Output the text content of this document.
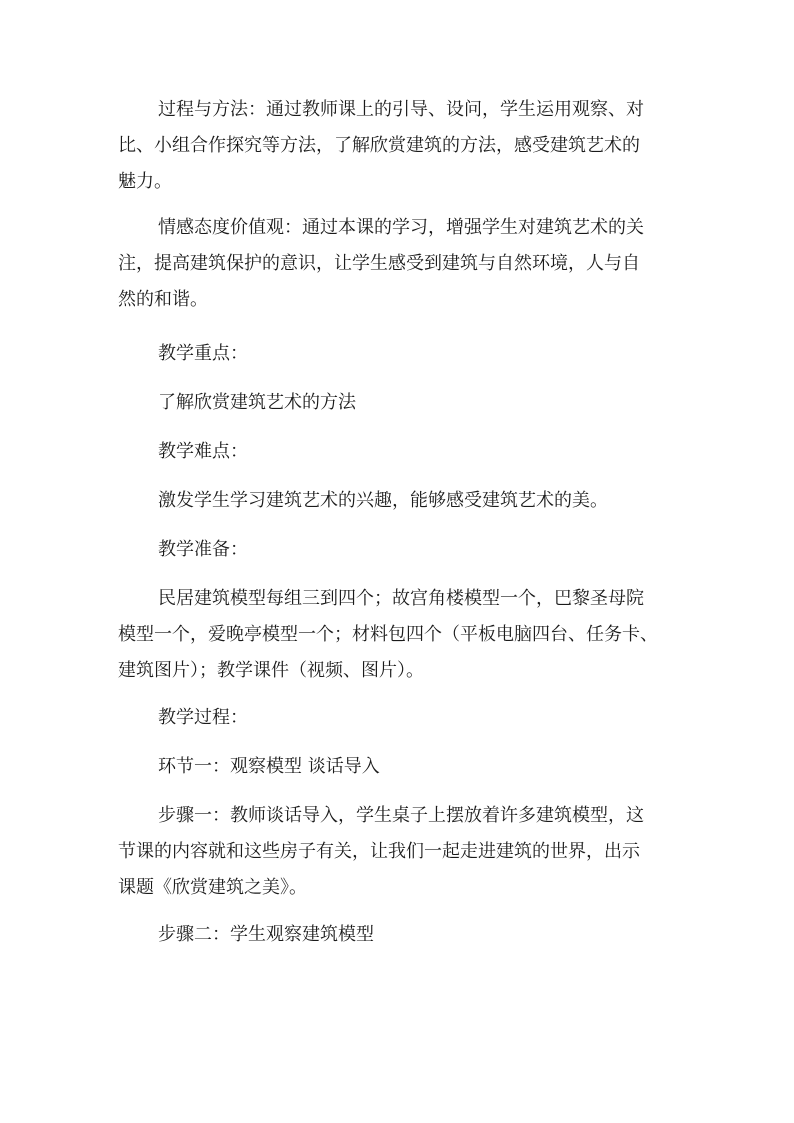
过程与方法：通过教师课上的引导、设问，学生运用观察、对
比、小组合作探究等方法，了解欣赏建筑的方法，感受建筑艺术的
魅力。

情感态度价值观：通过本课的学习，增强学生对建筑艺术的关
注，提高建筑保护的意识，让学生感受到建筑与自然环境，人与自
然的和谐。

教学重点：

了解欣赏建筑艺术的方法

教学难点：

激发学生学习建筑艺术的兴趣，能够感受建筑艺术的美。

教学准备：

民居建筑模型每组三到四个；故宫角楼模型一个，巴黎圣母院
模型一个，爱晚亭模型一个；材料包四个（平板电脑四台、任务卡、
建筑图片）；教学课件（视频、图片）。

教学过程：

环节一：观察模型 谈话导入

步骤一：教师谈话导入，学生桌子上摆放着许多建筑模型，这
节课的内容就和这些房子有关，让我们一起走进建筑的世界，出示
课题《欣赏建筑之美》。

步骤二：学生观察建筑模型
